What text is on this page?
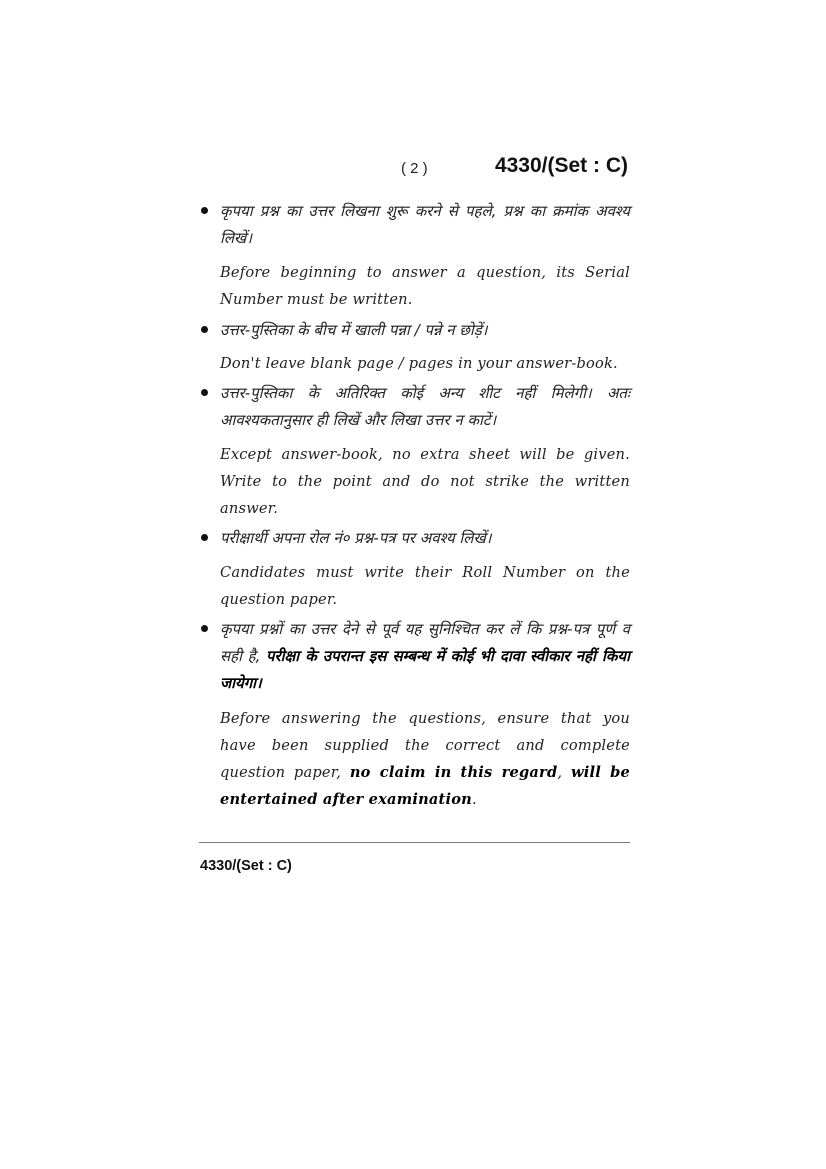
( 2 )	4330/(Set : C)

कृपया प्रश्न का उत्तर लिखना शुरू करने से पहले, प्रश्न का क्रमांक अवश्य लिखें।

Before beginning to answer a question, its Serial Number must be written.

उत्तर-पुस्तिका के बीच में खाली पन्ना / पन्ने न छोड़ें।

Don't leave blank page / pages in your answer-book.

उत्तर-पुस्तिका के अतिरिक्त कोई अन्य शीट नहीं मिलेगी। अतः आवश्यकतानुसार ही लिखें और लिखा उत्तर न काटें।

Except answer-book, no extra sheet will be given. Write to the point and do not strike the written answer.

परीक्षार्थी अपना रोल नं० प्रश्न-पत्र पर अवश्य लिखें।

Candidates must write their Roll Number on the question paper.

कृपया प्रश्नों का उत्तर देने से पूर्व यह सुनिश्चित कर लें कि प्रश्न-पत्र पूर्ण व सही है, परीक्षा के उपरान्त इस सम्बन्ध में कोई भी दावा स्वीकार नहीं किया जायेगा।

Before answering the questions, ensure that you have been supplied the correct and complete question paper, no claim in this regard, will be entertained after examination.

4330/(Set : C)
